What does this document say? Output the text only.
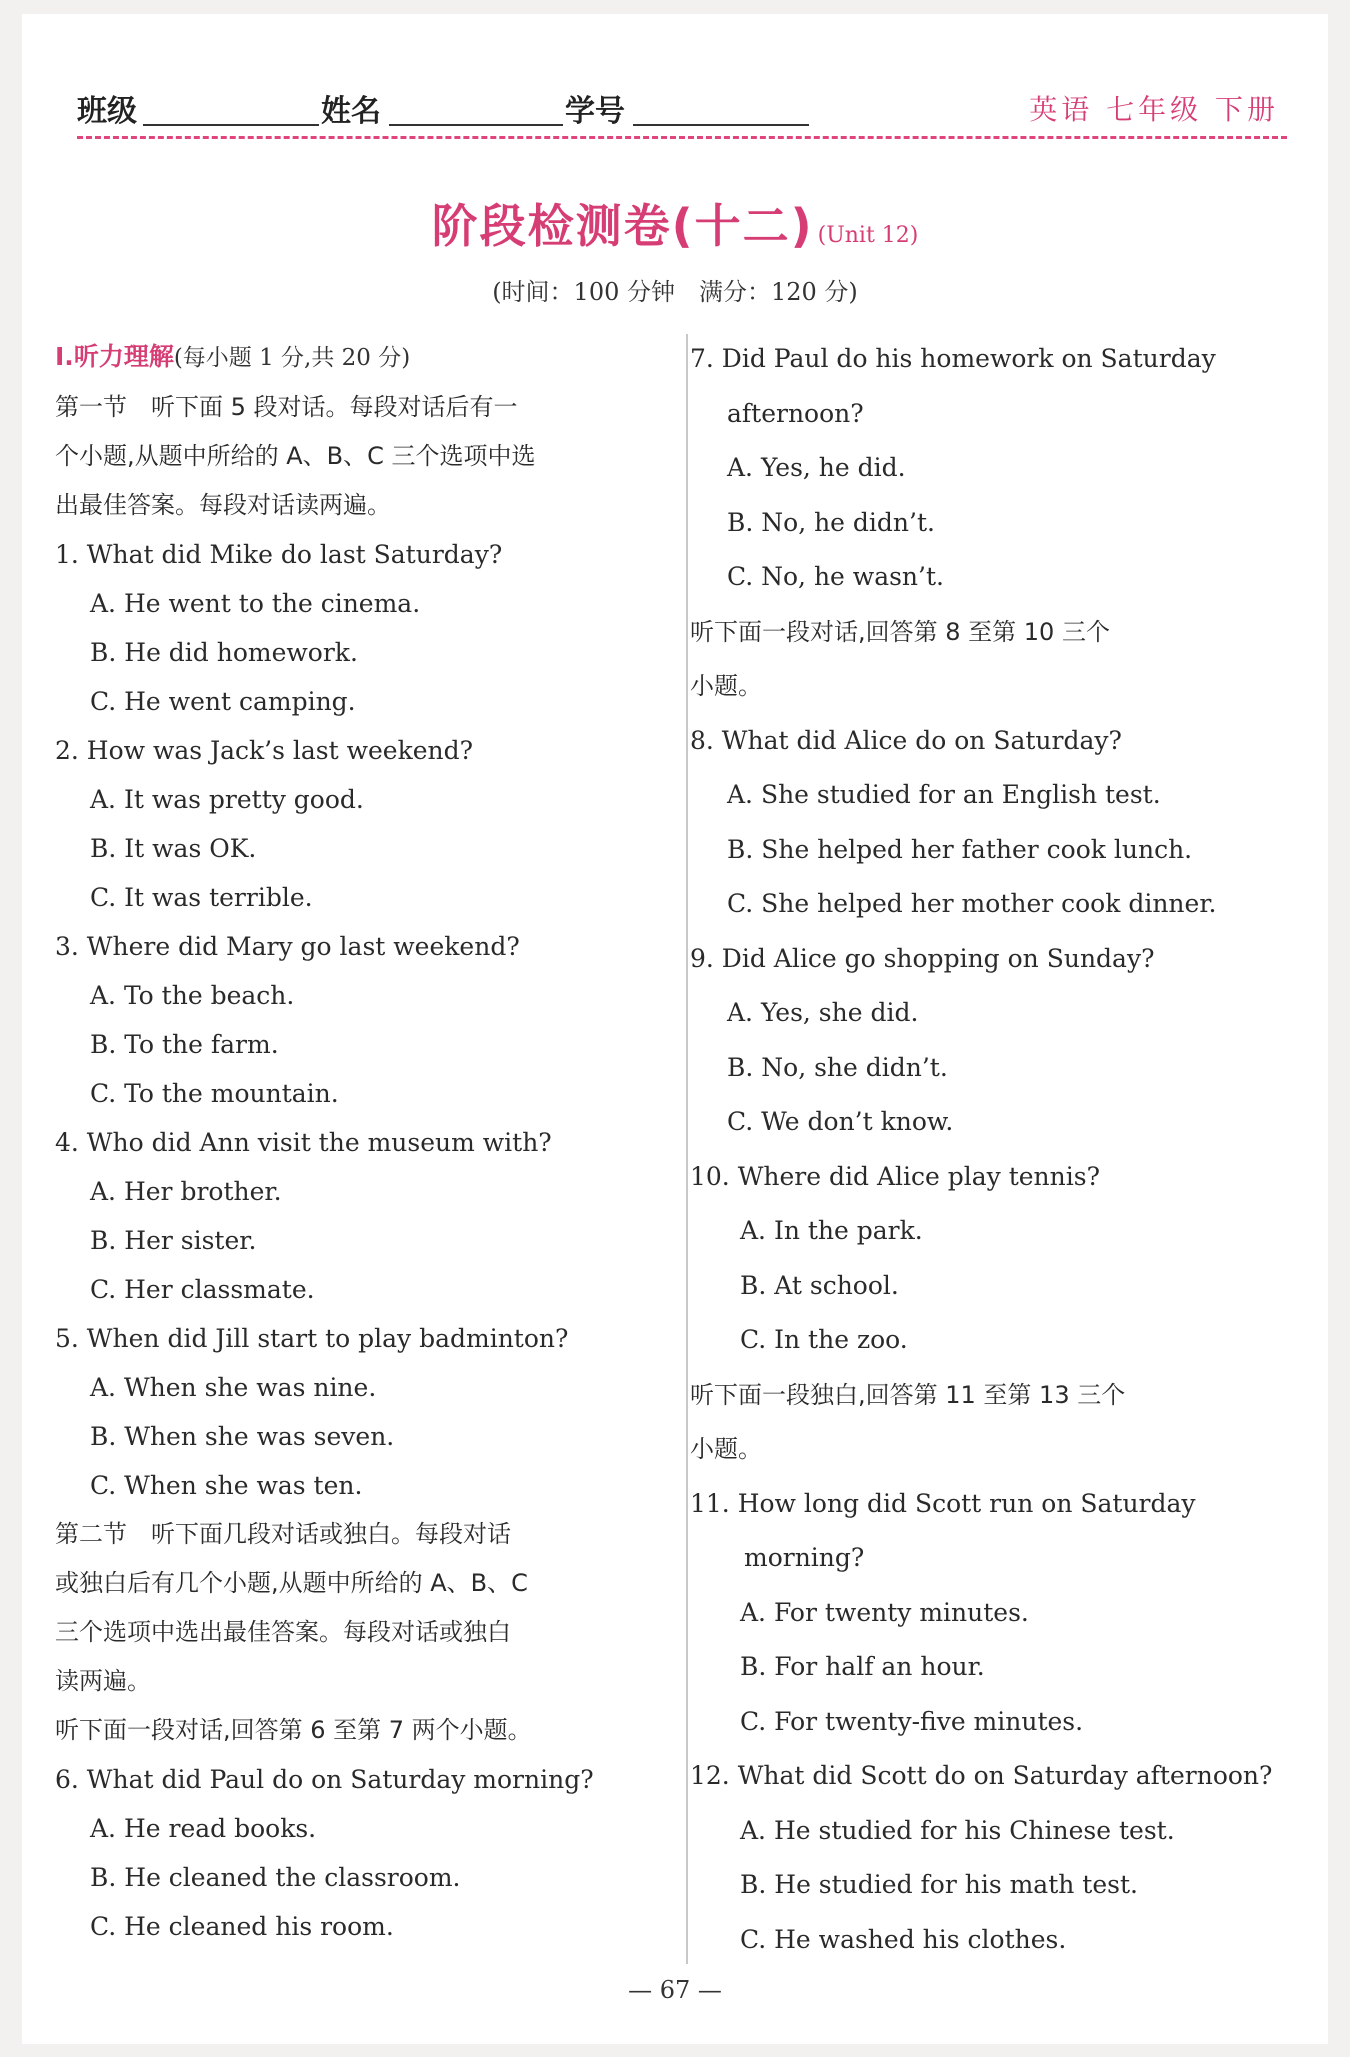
班级	姓名	学号	英语 七年级 下册
阶段检测卷(十二) (Unit 12)
(时间：100 分钟　满分：120 分)
Ⅰ.听力理解(每小题 1 分,共 20 分)
第一节　听下面 5 段对话。每段对话后有一
个小题,从题中所给的 A、B、C 三个选项中选
出最佳答案。每段对话读两遍。
1. What did Mike do last Saturday?
A. He went to the cinema.
B. He did homework.
C. He went camping.
2. How was Jack’s last weekend?
A. It was pretty good.
B. It was OK.
C. It was terrible.
3. Where did Mary go last weekend?
A. To the beach.
B. To the farm.
C. To the mountain.
4. Who did Ann visit the museum with?
A. Her brother.
B. Her sister.
C. Her classmate.
5. When did Jill start to play badminton?
A. When she was nine.
B. When she was seven.
C. When she was ten.
第二节　听下面几段对话或独白。每段对话
或独白后有几个小题,从题中所给的 A、B、C
三个选项中选出最佳答案。每段对话或独白
读两遍。
听下面一段对话,回答第 6 至第 7 两个小题。
6. What did Paul do on Saturday morning?
A. He read books.
B. He cleaned the classroom.
C. He cleaned his room.
7. Did Paul do his homework on Saturday
afternoon?
A. Yes, he did.
B. No, he didn’t.
C. No, he wasn’t.
听下面一段对话,回答第 8 至第 10 三个
小题。
8. What did Alice do on Saturday?
A. She studied for an English test.
B. She helped her father cook lunch.
C. She helped her mother cook dinner.
9. Did Alice go shopping on Sunday?
A. Yes, she did.
B. No, she didn’t.
C. We don’t know.
10. Where did Alice play tennis?
A. In the park.
B. At school.
C. In the zoo.
听下面一段独白,回答第 11 至第 13 三个
小题。
11. How long did Scott run on Saturday
morning?
A. For twenty minutes.
B. For half an hour.
C. For twenty-five minutes.
12. What did Scott do on Saturday afternoon?
A. He studied for his Chinese test.
B. He studied for his math test.
C. He washed his clothes.
— 67 —
